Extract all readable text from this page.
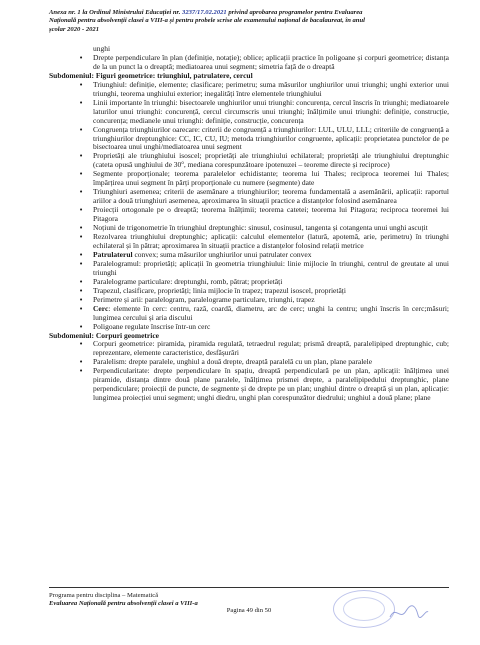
Anexa nr. 1 la Ordinul Ministrului Educației nr. 3237/17.02.2021 privind aprobarea programelor pentru Evaluarea
Națională pentru absolvenții clasei a VIII-a și pentru probele scrise ale examenului național de bacalaureat, în anul
școlar 2020 - 2021

unghi

• Drepte perpendiculare în plan (definiție, notație); oblice; aplicații practice în poligoane și corpuri geometrice; distanța de la un punct la o dreaptă; mediatoarea unui segment; simetria față de o dreaptă

Subdomeniul: Figuri geometrice: triunghiul, patrulatere, cercul

• Triunghiul: definiție, elemente; clasificare; perimetru; suma măsurilor unghiurilor unui triunghi; unghi exterior unui triunghi, teorema unghiului exterior; inegalități între elementele triunghiului
• Linii importante în triunghi: bisectoarele unghiurilor unui triunghi: concurența, cercul înscris în triunghi; mediatoarele laturilor unui triunghi: concurență, cercul circumscris unui triunghi; înălțimile unui triunghi: definiție, construcție, concurența; medianele unui triunghi: definiție, construcție, concurența
• Congruența triunghiurilor oarecare: criterii de congruență a triunghiurilor: LUL, ULU, LLL; criteriile de congruență a triunghiurilor dreptunghice: CC, IC, CU, IU; metoda triunghiurilor congruente, aplicații: proprietatea punctelor de pe bisectoarea unui unghi/mediatoarea unui segment
• Proprietăți ale triunghiului isoscel; proprietăți ale triunghiului echilateral; proprietăți ale triunghiului dreptunghic (cateta opusă unghiului de 30$^o$, mediana corespunzătoare ipotenuzei – teoreme directe și reciproce)
• Segmente proporționale; teorema paralelelor echidistante; teorema lui Thales; reciproca teoremei lui Thales; împărțirea unui segment în părți proporționale cu numere (segmente) date
• Triunghiuri asemenea; criterii de asemănare a triunghiurilor; teorema fundamentală a asemănării, aplicații: raportul ariilor a două triunghiuri asemenea, aproximarea în situații practice a distanțelor folosind asemănarea
• Proiecții ortogonale pe o dreaptă; teorema înălțimii; teorema catetei; teorema lui Pitagora; reciproca teoremei lui Pitagora
• Noțiuni de trigonometrie în triunghiul dreptunghic: sinusul, cosinusul, tangenta și cotangenta unui unghi ascuțit
• Rezolvarea triunghiului dreptunghic; aplicații: calculul elementelor (latură, apotemă, arie, perimetru) în triunghi echilateral și în pătrat; aproximarea în situații practice a distanțelor folosind relații metrice
• Patrulaterul convex; suma măsurilor unghiurilor unui patrulater convex
• Paralelogramul: proprietăți; aplicații în geometria triunghiului: linie mijlocie în triunghi, centrul de greutate al unui triunghi
• Paralelograme particulare: dreptunghi, romb, pătrat; proprietăți
• Trapezul, clasificare, proprietăți; linia mijlocie în trapez; trapezul isoscel, proprietăți
• Perimetre și arii: paralelogram, paralelograme particulare, triunghi, trapez
• Cerc: elemente în cerc: centru, rază, coardă, diametru, arc de cerc; unghi la centru; unghi înscris în cerc;măsuri; lungimea cercului și aria discului
• Poligoane regulate înscrise într-un cerc

Subdomeniul: Corpuri geometrice

• Corpuri geometrice: piramida, piramida regulată, tetraedrul regulat; prismă dreaptă, paralelipiped dreptunghic, cub; reprezentare, elemente caracteristice, desfășurări
• Paralelism: drepte paralele, unghiul a două drepte, dreaptă paralelă cu un plan, plane paralele
• Perpendicularitate: drepte perpendiculare în spațiu, dreaptă perpendiculară pe un plan, aplicații: înălțimea unei piramide, distanța dintre două plane paralele, înălțimea prismei drepte, a paralelipipedului dreptunghic, plane perpendiculare; proiecții de puncte, de segmente și de drepte pe un plan; unghiul dintre o dreaptă și un plan, aplicație: lungimea proiecției unui segment; unghi diedru, unghi plan corespunzător diedrului; unghiul a două plane; plane
Programa pentru disciplina – Matematică
Evaluarea Națională pentru absolvenții clasei a VIII-a
Pagina 49 din 50
